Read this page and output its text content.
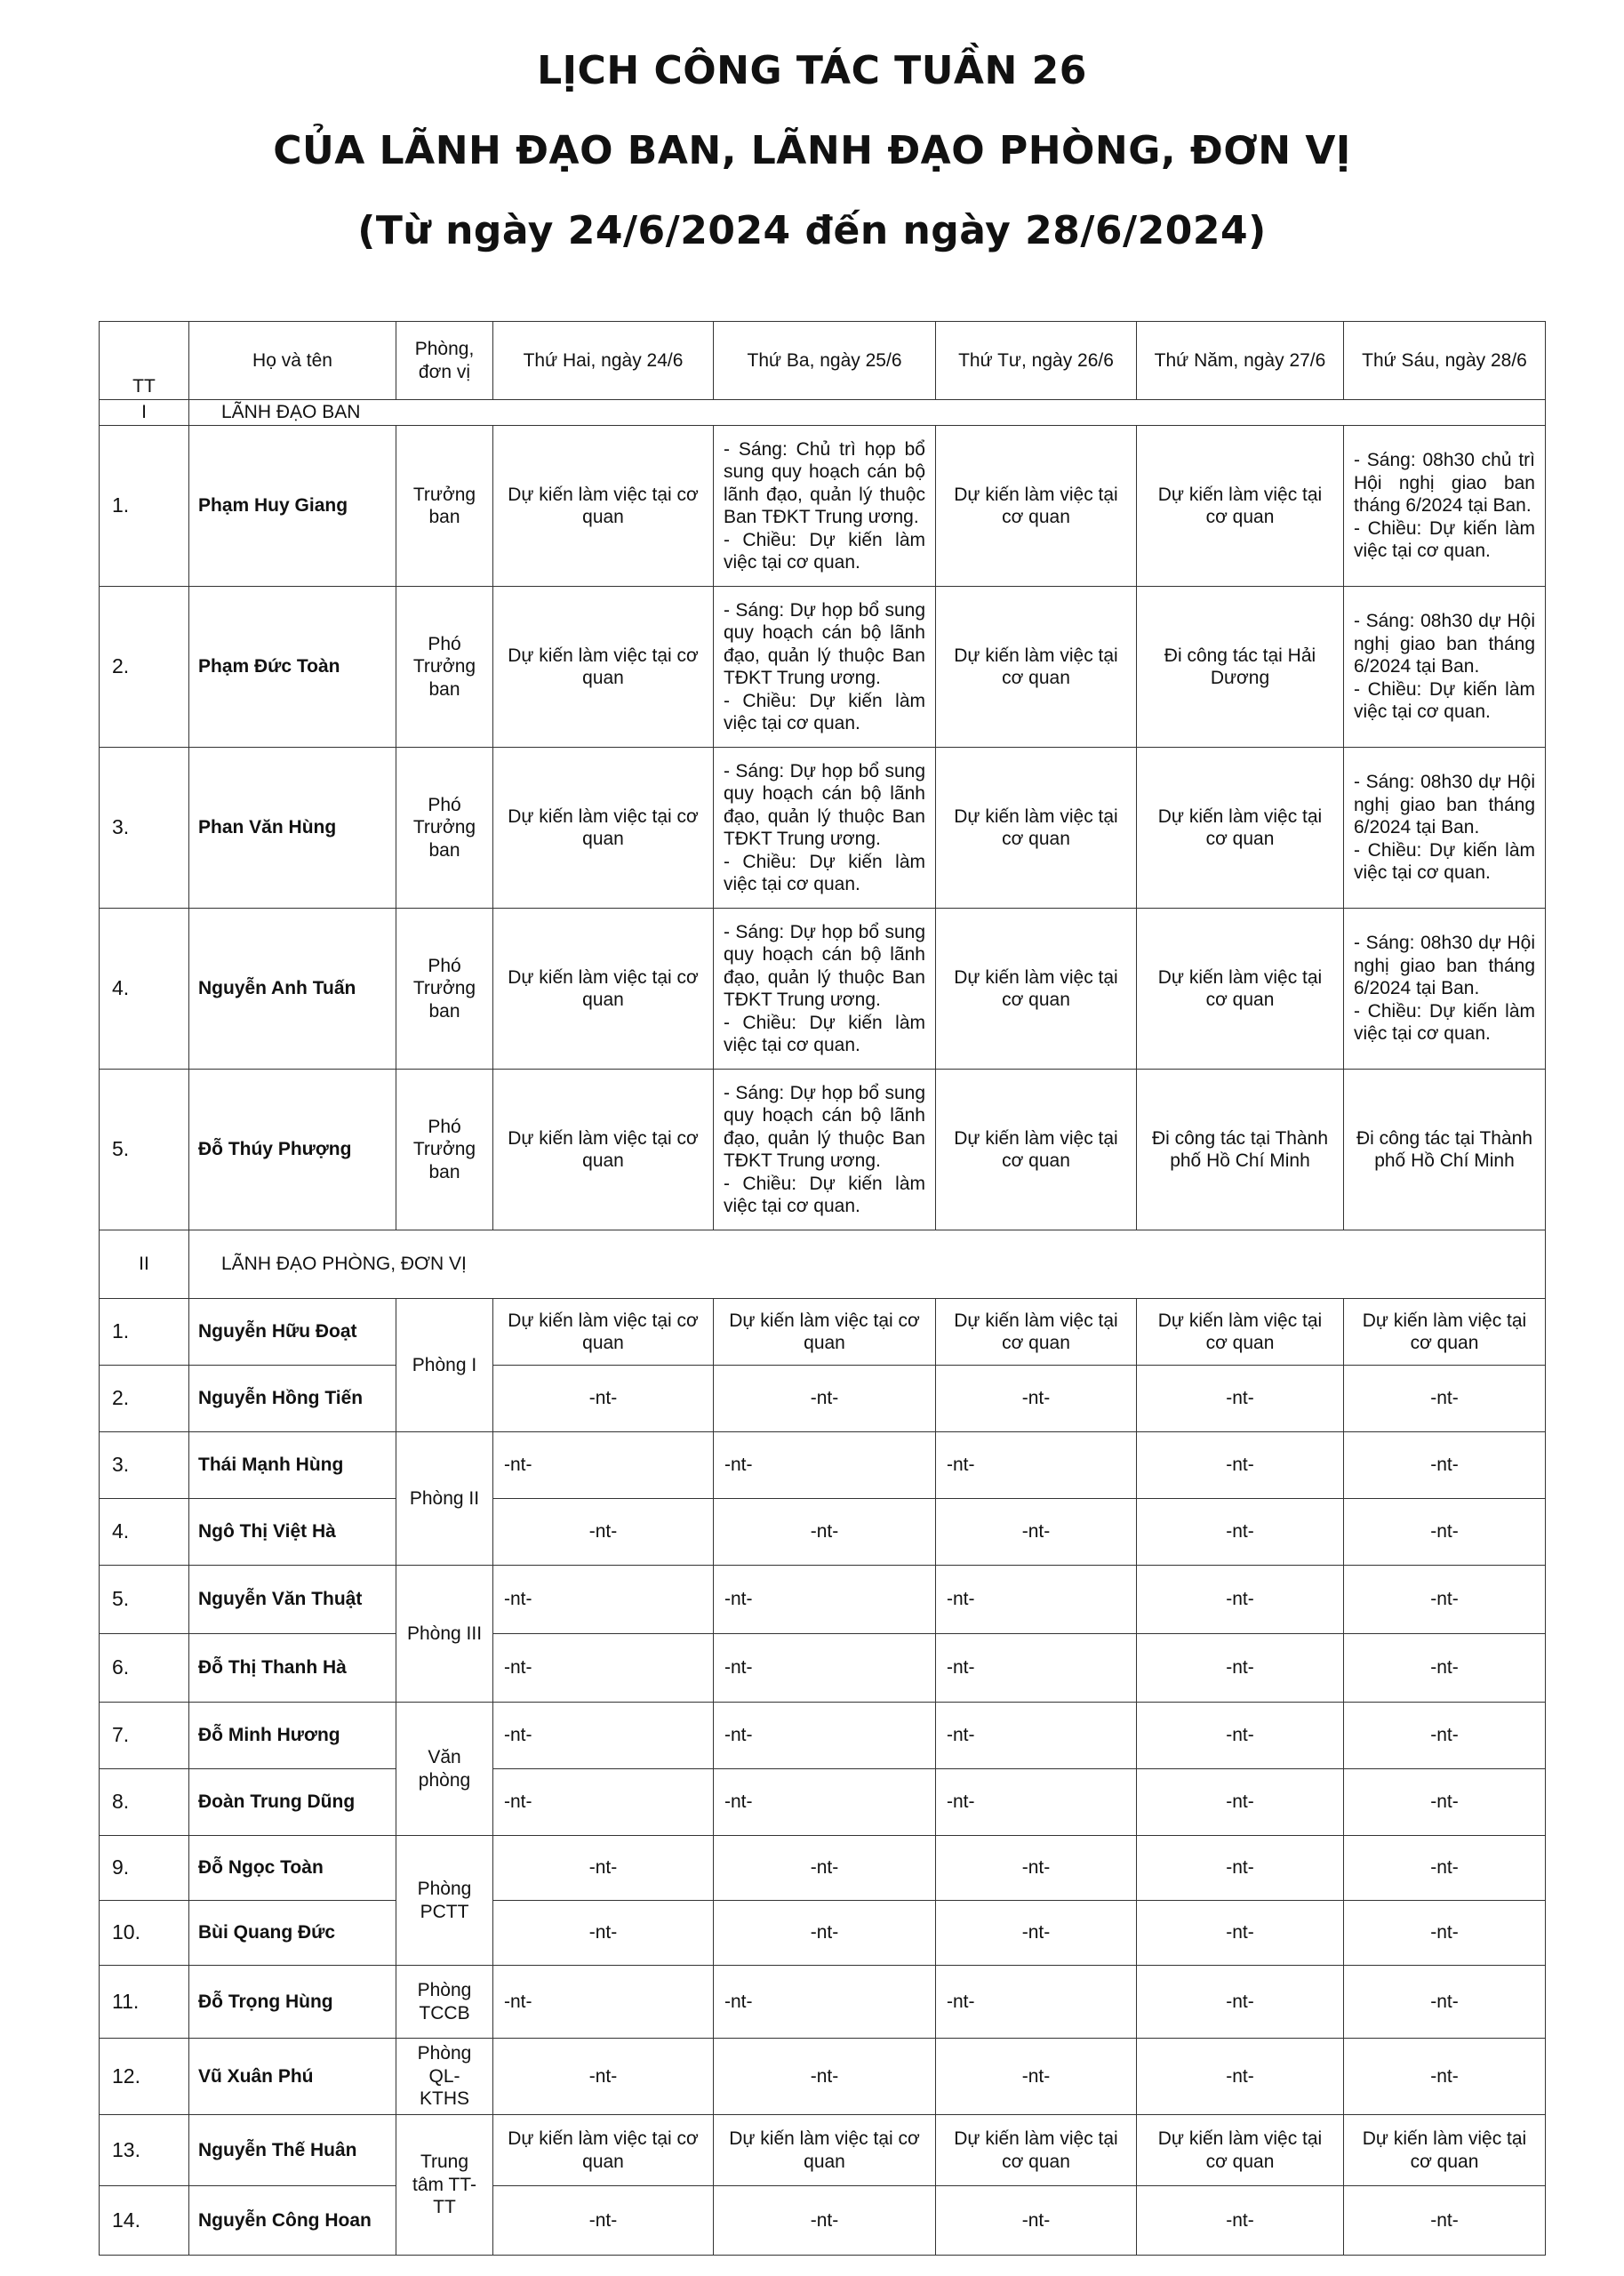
LỊCH CÔNG TÁC TUẦN 26
CỦA LÃNH ĐẠO BAN, LÃNH ĐẠO PHÒNG, ĐƠN VỊ
(Từ ngày 24/6/2024 đến ngày 28/6/2024)
TT	Họ và tên	Phòng, đơn vị	Thứ Hai, ngày 24/6	Thứ Ba, ngày 25/6	Thứ Tư, ngày 26/6	Thứ Năm, ngày 27/6	Thứ Sáu, ngày 28/6
I	LÃNH ĐẠO BAN						
1.	Phạm Huy Giang	Trưởng ban	Dự kiến làm việc tại cơ quan	- Sáng: Chủ trì họp bổ sung quy hoạch cán bộ lãnh đạo, quản lý thuộc Ban TĐKT Trung ương.
- Chiều: Dự kiến làm việc tại cơ quan.	Dự kiến làm việc tại cơ quan	Dự kiến làm việc tại cơ quan	- Sáng: 08h30 chủ trì Hội nghị giao ban tháng 6/2024 tại Ban.
- Chiều: Dự kiến làm việc tại cơ quan.
2.	Phạm Đức Toàn	Phó Trưởng ban	Dự kiến làm việc tại cơ quan	- Sáng: Dự họp bổ sung quy hoạch cán bộ lãnh đạo, quản lý thuộc Ban TĐKT Trung ương.
- Chiều: Dự kiến làm việc tại cơ quan.	Dự kiến làm việc tại cơ quan	Đi công tác tại Hải Dương	- Sáng: 08h30 dự Hội nghị giao ban tháng 6/2024 tại Ban.
- Chiều: Dự kiến làm việc tại cơ quan.
3.	Phan Văn Hùng	Phó Trưởng ban	Dự kiến làm việc tại cơ quan	- Sáng: Dự họp bổ sung quy hoạch cán bộ lãnh đạo, quản lý thuộc Ban TĐKT Trung ương.
- Chiều: Dự kiến làm việc tại cơ quan.	Dự kiến làm việc tại cơ quan	Dự kiến làm việc tại cơ quan	- Sáng: 08h30 dự Hội nghị giao ban tháng 6/2024 tại Ban.
- Chiều: Dự kiến làm việc tại cơ quan.
4.	Nguyễn Anh Tuấn	Phó Trưởng ban	Dự kiến làm việc tại cơ quan	- Sáng: Dự họp bổ sung quy hoạch cán bộ lãnh đạo, quản lý thuộc Ban TĐKT Trung ương.
- Chiều: Dự kiến làm việc tại cơ quan.	Dự kiến làm việc tại cơ quan	Dự kiến làm việc tại cơ quan	- Sáng: 08h30 dự Hội nghị giao ban tháng 6/2024 tại Ban.
- Chiều: Dự kiến làm việc tại cơ quan.
5.	Đỗ Thúy Phượng	Phó Trưởng ban	Dự kiến làm việc tại cơ quan	- Sáng: Dự họp bổ sung quy hoạch cán bộ lãnh đạo, quản lý thuộc Ban TĐKT Trung ương.
- Chiều: Dự kiến làm việc tại cơ quan.	Dự kiến làm việc tại cơ quan	Đi công tác tại Thành phố Hồ Chí Minh	Đi công tác tại Thành phố Hồ Chí Minh
II	LÃNH ĐẠO PHÒNG, ĐƠN VỊ						
1.	Nguyễn Hữu Đoạt	Phòng I	Dự kiến làm việc tại cơ quan	Dự kiến làm việc tại cơ quan	Dự kiến làm việc tại cơ quan	Dự kiến làm việc tại cơ quan	Dự kiến làm việc tại cơ quan
2.	Nguyễn Hồng Tiến		-nt-	-nt-	-nt-	-nt-	-nt-
3.	Thái Mạnh Hùng	Phòng II	-nt-	-nt-	-nt-	-nt-	-nt-
4.	Ngô Thị Việt Hà		-nt-	-nt-	-nt-	-nt-	-nt-
5.	Nguyễn Văn Thuật	Phòng III	-nt-	-nt-	-nt-	-nt-	-nt-
6.	Đỗ Thị Thanh Hà		-nt-	-nt-	-nt-	-nt-	-nt-
7.	Đỗ Minh Hương	Văn phòng	-nt-	-nt-	-nt-	-nt-	-nt-
8.	Đoàn Trung Dũng		-nt-	-nt-	-nt-	-nt-	-nt-
9.	Đỗ Ngọc Toàn	Phòng PCTT	-nt-	-nt-	-nt-	-nt-	-nt-
10.	Bùi Quang Đức		-nt-	-nt-	-nt-	-nt-	-nt-
11.	Đỗ Trọng Hùng	Phòng TCCB	-nt-	-nt-	-nt-	-nt-	-nt-
12.	Vũ Xuân Phú	Phòng QL-KTHS	-nt-	-nt-	-nt-	-nt-	-nt-
13.	Nguyễn Thế Huân	Trung tâm TT-TT	Dự kiến làm việc tại cơ quan	Dự kiến làm việc tại cơ quan	Dự kiến làm việc tại cơ quan	Dự kiến làm việc tại cơ quan	Dự kiến làm việc tại cơ quan
14.	Nguyễn Công Hoan		-nt-	-nt-	-nt-	-nt-	-nt-
